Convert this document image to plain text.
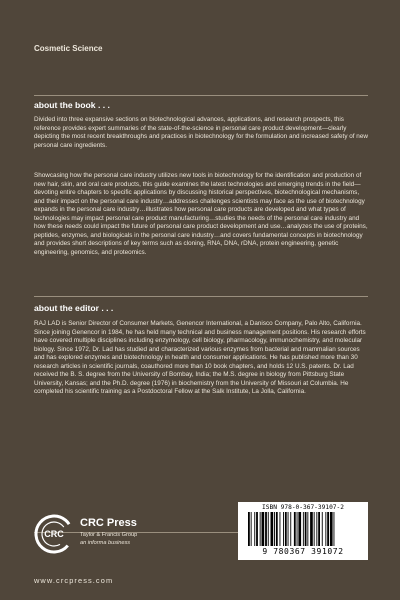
Cosmetic Science
about the book . . .

Divided into three expansive sections on biotechnological advances, applications, and research prospects, this reference provides expert summaries of the state-of-the-science in personal care product development—clearly depicting the most recent breakthroughs and practices in biotechnology for the formulation and increased safety of new personal care ingredients.

Showcasing how the personal care industry utilizes new tools in biotechnology for the identification and production of new hair, skin, and oral care products, this guide examines the latest technologies and emerging trends in the field—devoting entire chapters to specific applications by discussing historical perspectives, biotechnological mechanisms, and their impact on the personal care industry…addresses challenges scientists may face as the use of biotechnology expands in the personal care industry…illustrates how personal care products are developed and what types of technologies may impact personal care product manufacturing…studies the needs of the personal care industry and how these needs could impact the future of personal care product development and use…analyzes the use of proteins, peptides, enzymes, and biologicals in the personal care industry…and covers fundamental concepts in biotechnology and provides short descriptions of key terms such as cloning, RNA, DNA, rDNA, protein engineering, genetic engineering, genomics, and proteomics.

about the editor . . .

RAJ LAD is Senior Director of Consumer Markets, Genencor International, a Danisco Company, Palo Alto, California. Since joining Genencor in 1984, he has held many technical and business management positions. His research efforts have covered multiple disciplines including enzymology, cell biology, pharmacology, immunochemistry, and molecular biology. Since 1972, Dr. Lad has studied and characterized various enzymes from bacterial and mammalian sources and has explored enzymes and biotechnology in health and consumer applications. He has published more than 30 research articles in scientific journals, coauthored more than 10 book chapters, and holds 12 U.S. patents. Dr. Lad received the B. S. degree from the University of Bombay, India; the M.S. degree in biology from Pittsburg State University, Kansas; and the Ph.D. degree (1976) in biochemistry from the University of Missouri at Columbia. He completed his scientific training as a Postdoctoral Fellow at the Salk Institute, La Jolla, California.

CRC
CRC Press
Taylor & Francis Group
an informa business
www.crcpress.com
ISBN 978-0-367-39107-2
9 780367 391072
